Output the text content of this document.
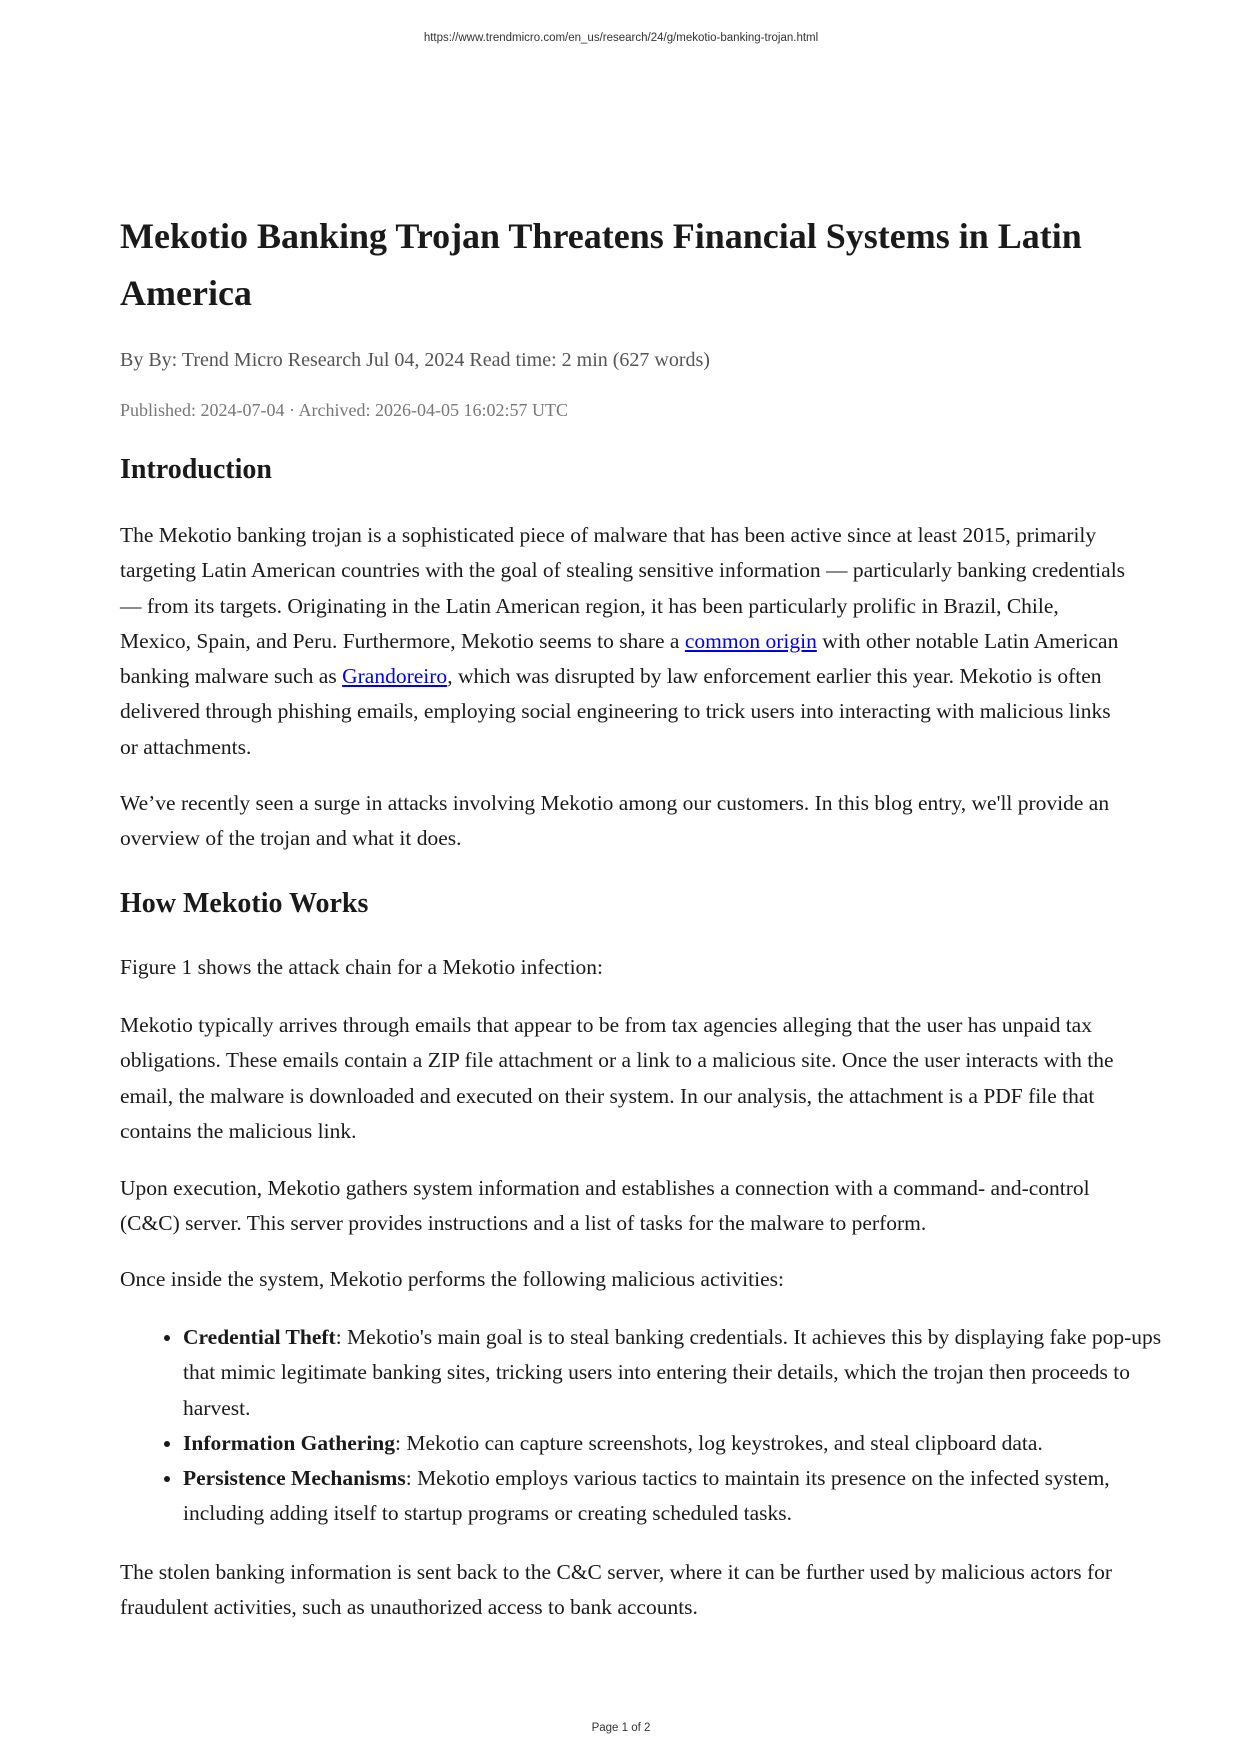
https://www.trendmicro.com/en_us/research/24/g/mekotio-banking-trojan.html
Mekotio Banking Trojan Threatens Financial Systems in Latin America
By By: Trend Micro Research Jul 04, 2024 Read time: 2 min (627 words)
Published: 2024-07-04 · Archived: 2026-04-05 16:02:57 UTC
Introduction

The Mekotio banking trojan is a sophisticated piece of malware that has been active since at least 2015, primarily targeting Latin American countries with the goal of stealing sensitive information — particularly banking credentials — from its targets. Originating in the Latin American region, it has been particularly prolific in Brazil, Chile, Mexico, Spain, and Peru. Furthermore, Mekotio seems to share a common origin with other notable Latin American banking malware such as Grandoreiro, which was disrupted by law enforcement earlier this year. Mekotio is often delivered through phishing emails, employing social engineering to trick users into interacting with malicious links or attachments.

We’ve recently seen a surge in attacks involving Mekotio among our customers. In this blog entry, we'll provide an overview of the trojan and what it does.

How Mekotio Works

Figure 1 shows the attack chain for a Mekotio infection:

Mekotio typically arrives through emails that appear to be from tax agencies alleging that the user has unpaid tax obligations. These emails contain a ZIP file attachment or a link to a malicious site. Once the user interacts with the email, the malware is downloaded and executed on their system. In our analysis, the attachment is a PDF file that contains the malicious link.

Upon execution, Mekotio gathers system information and establishes a connection with a command- and-control (C&C) server. This server provides instructions and a list of tasks for the malware to perform.

Once inside the system, Mekotio performs the following malicious activities:

• Credential Theft: Mekotio's main goal is to steal banking credentials. It achieves this by displaying fake pop-ups that mimic legitimate banking sites, tricking users into entering their details, which the trojan then proceeds to harvest.
• Information Gathering: Mekotio can capture screenshots, log keystrokes, and steal clipboard data.
• Persistence Mechanisms: Mekotio employs various tactics to maintain its presence on the infected system, including adding itself to startup programs or creating scheduled tasks.

The stolen banking information is sent back to the C&C server, where it can be further used by malicious actors for fraudulent activities, such as unauthorized access to bank accounts.

Page 1 of 2
